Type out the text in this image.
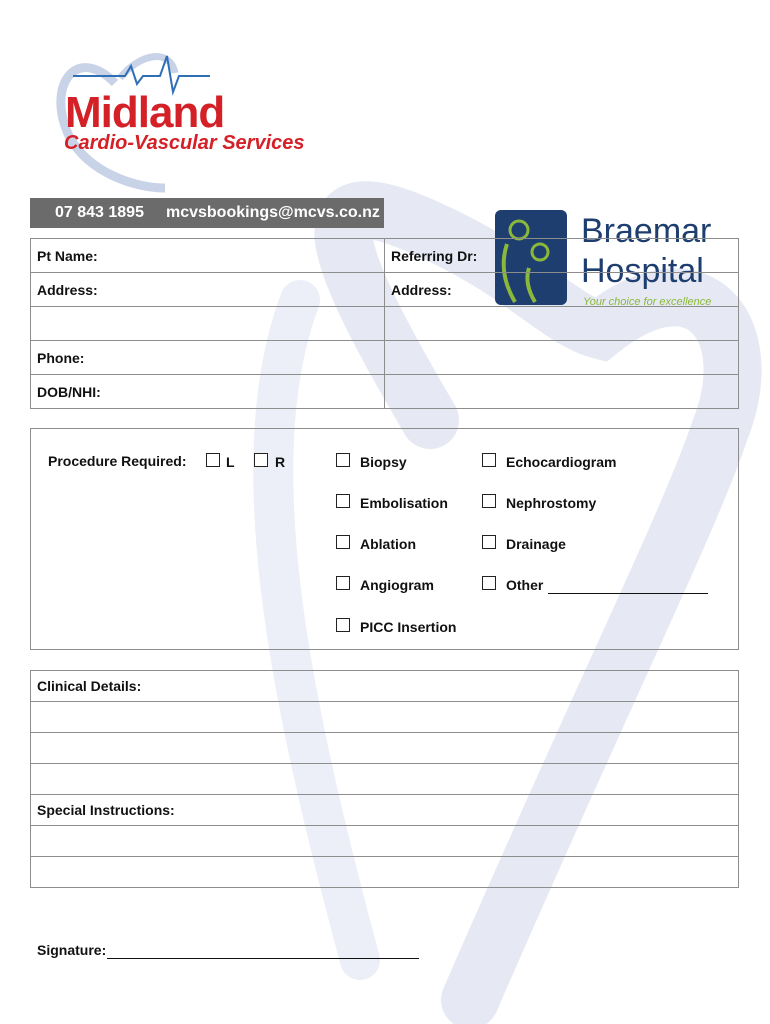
Midland
Cardio-Vascular Services
Braemar
Hospital
Your choice for excellence
07 843 1895 mcvsbookings@mcvs.co.nz
Pt Name:	Referring Dr:
Address:	Address:

Phone:	
DOB/NHI:	
Procedure Required:	L	R	Biopsy	Echocardiogram
Embolisation	Nephrostomy
Ablation	Drainage
Angiogram	Other
PICC Insertion
Clinical Details:

Special Instructions:

Signature:
